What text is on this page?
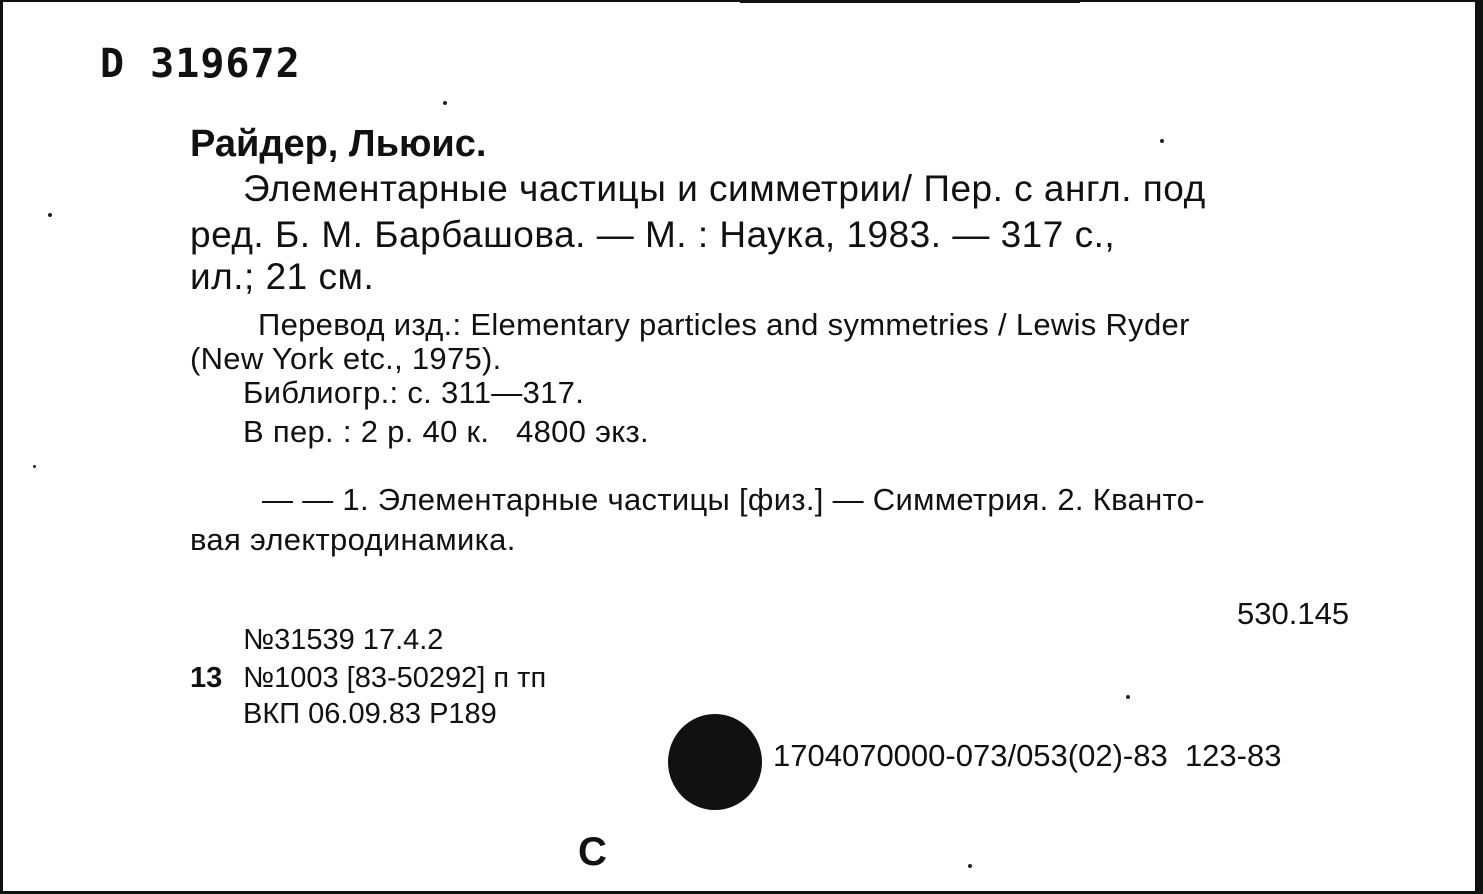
D 319672
Райдер, Льюис.
Элементарные частицы и симметрии/ Пер. с англ. под
ред. Б. М. Барбашова. — М. : Наука, 1983. — 317 с.,
ил.; 21 см.
Перевод изд.: Elementary particles and symmetries / Lewis Ryder
(New York etc., 1975).
Библиогр.: с. 311—317.
В пер. : 2 р. 40 к.   4800 экз.
— — 1. Элементарные частицы [физ.] — Симметрия. 2. Кванто-
вая электродинамика.
530.145
№31539 17.4.2
13 №1003 [83-50292] п тп
ВКП 06.09.83 Р189
1704070000-073/053(02)-83  123-83
С
